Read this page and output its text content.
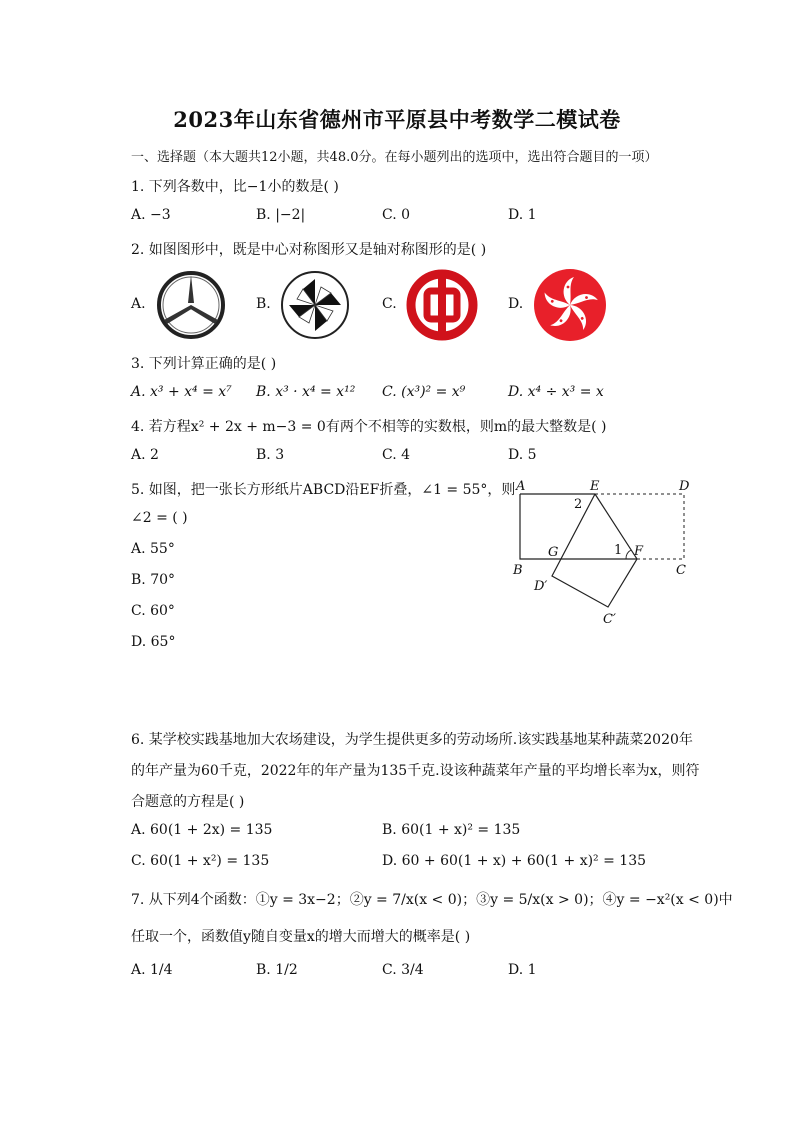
2023年山东省德州市平原县中考数学二模试卷
一、选择题（本大题共12小题，共48.0分。在每小题列出的选项中，选出符合题目的一项）
1. 下列各数中，比−1小的数是( )
A. −3	B. |−2|	C. 0	D. 1
2. 如图图形中，既是中心对称图形又是轴对称图形的是( )
A.	B.	C.	D.
3. 下列计算正确的是( )
A. x³ + x⁴ = x⁷ B. x³ · x⁴ = x¹² C. (x³)² = x⁹	D. x⁴ ÷ x³ = x
4. 若方程x² + 2x + m−3 = 0有两个不相等的实数根，则m的最大整数是( )
A. 2	B. 3	C. 4	D. 5
5. 如图，把一张长方形纸片ABCD沿EF折叠，∠1 = 55°，则
∠2 = ( )
A. 55°
B. 70°
C. 60°
D. 65°
A	E	D
2
G	1 F
B	C
D′
C′
6. 某学校实践基地加大农场建设，为学生提供更多的劳动场所.该实践基地某种蔬菜2020年
的年产量为60千克，2022年的年产量为135千克.设该种蔬菜年产量的平均增长率为x，则符
合题意的方程是( )
A. 60(1 + 2x) = 135	B. 60(1 + x)² = 135
C. 60(1 + x²) = 135	D. 60 + 60(1 + x) + 60(1 + x)² = 135
7. 从下列4个函数：①y = 3x−2；②y = 7/x(x < 0)；③y = 5/x(x > 0)；④y = −x²(x < 0)中
任取一个，函数值y随自变量x的增大而增大的概率是( )
A. 1/4	B. 1/2	C. 3/4	D. 1
